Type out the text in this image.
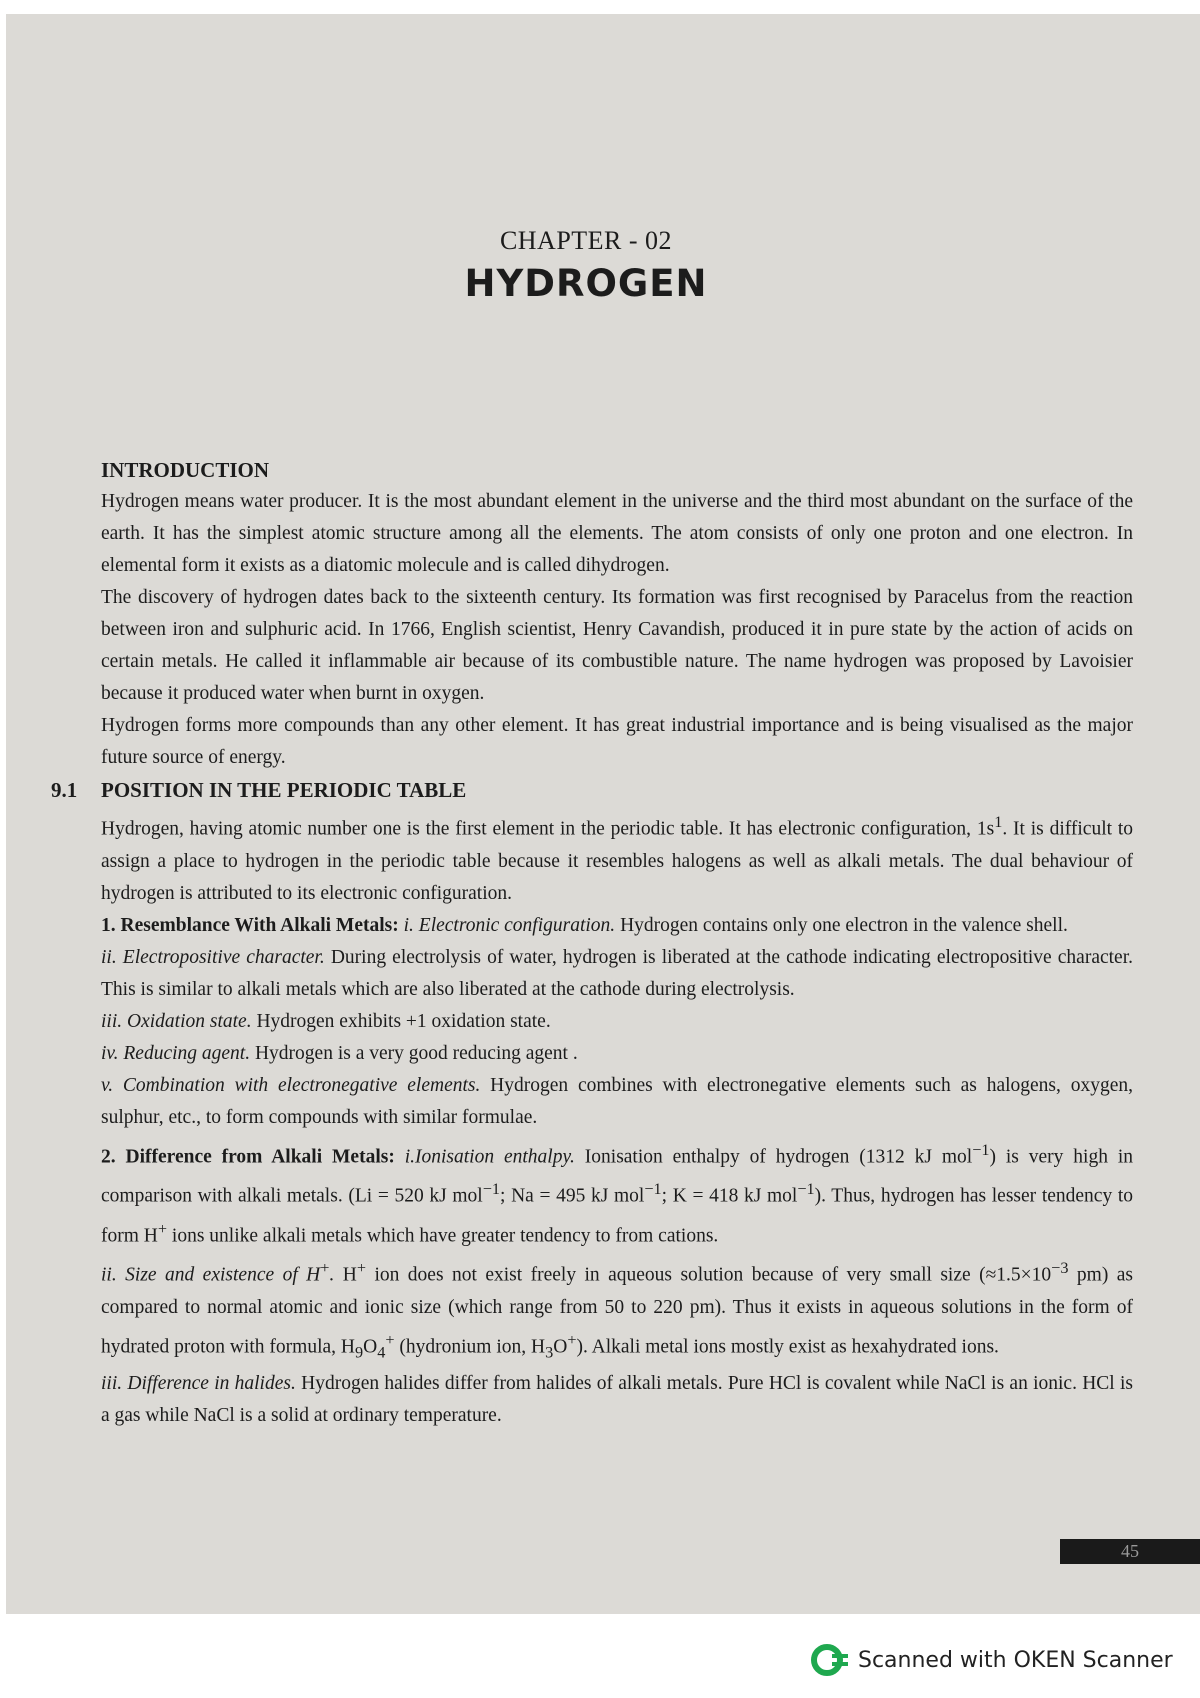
CHAPTER - 02
HYDROGEN

INTRODUCTION

Hydrogen means water producer. It is the most abundant element in the universe and the third most abundant on the surface of the earth. It has the simplest atomic structure among all the elements. The atom consists of only one proton and one electron. In elemental form it exists as a diatomic molecule and is called dihydrogen.

The discovery of hydrogen dates back to the sixteenth century. Its formation was first recognised by Paracelus from the reaction between iron and sulphuric acid. In 1766, English scientist, Henry Cavandish, produced it in pure state by the action of acids on certain metals. He called it inflammable air because of its combustible nature. The name hydrogen was proposed by Lavoisier because it produced water when burnt in oxygen.

Hydrogen forms more compounds than any other element. It has great industrial importance and is being visualised as the major future source of energy.

9.1 POSITION IN THE PERIODIC TABLE

Hydrogen, having atomic number one is the first element in the periodic table. It has electronic configuration, $1s^1$. It is difficult to assign a place to hydrogen in the periodic table because it resembles halogens as well as alkali metals. The dual behaviour of hydrogen is attributed to its electronic configuration.

1. Resemblance With Alkali Metals: i. Electronic configuration. Hydrogen contains only one electron in the valence shell.

ii. Electropositive character. During electrolysis of water, hydrogen is liberated at the cathode indicating electropositive character. This is similar to alkali metals which are also liberated at the cathode during electrolysis.

iii. Oxidation state. Hydrogen exhibits +1 oxidation state.

iv. Reducing agent. Hydrogen is a very good reducing agent .

v. Combination with electronegative elements. Hydrogen combines with electronegative elements such as halogens, oxygen, sulphur, etc., to form compounds with similar formulae.

2. Difference from Alkali Metals: i.Ionisation enthalpy. Ionisation enthalpy of hydrogen (1312 kJ mol$^{-1}$) is very high in comparison with alkali metals. (Li = 520 kJ mol$^{-1}$; Na = 495 kJ mol$^{-1}$; K = 418 kJ mol$^{-1}$). Thus, hydrogen has lesser tendency to form H+ ions unlike alkali metals which have greater tendency to from cations.

ii. Size and existence of H+. H+ ion does not exist freely in aqueous solution because of very small size ($\approx 1.5\times 10^{-3}$ pm) as compared to normal atomic and ionic size (which range from 50 to 220 pm). Thus it exists in aqueous solutions in the form of hydrated proton with formula, $H_9O_4^+$ (hydronium ion, $H_3O^+$). Alkali metal ions mostly exist as hexahydrated ions.

iii. Difference in halides. Hydrogen halides differ from halides of alkali metals. Pure HCl is covalent while NaCl is an ionic. HCl is a gas while NaCl is a solid at ordinary temperature.

45
Scanned with OKEN Scanner
